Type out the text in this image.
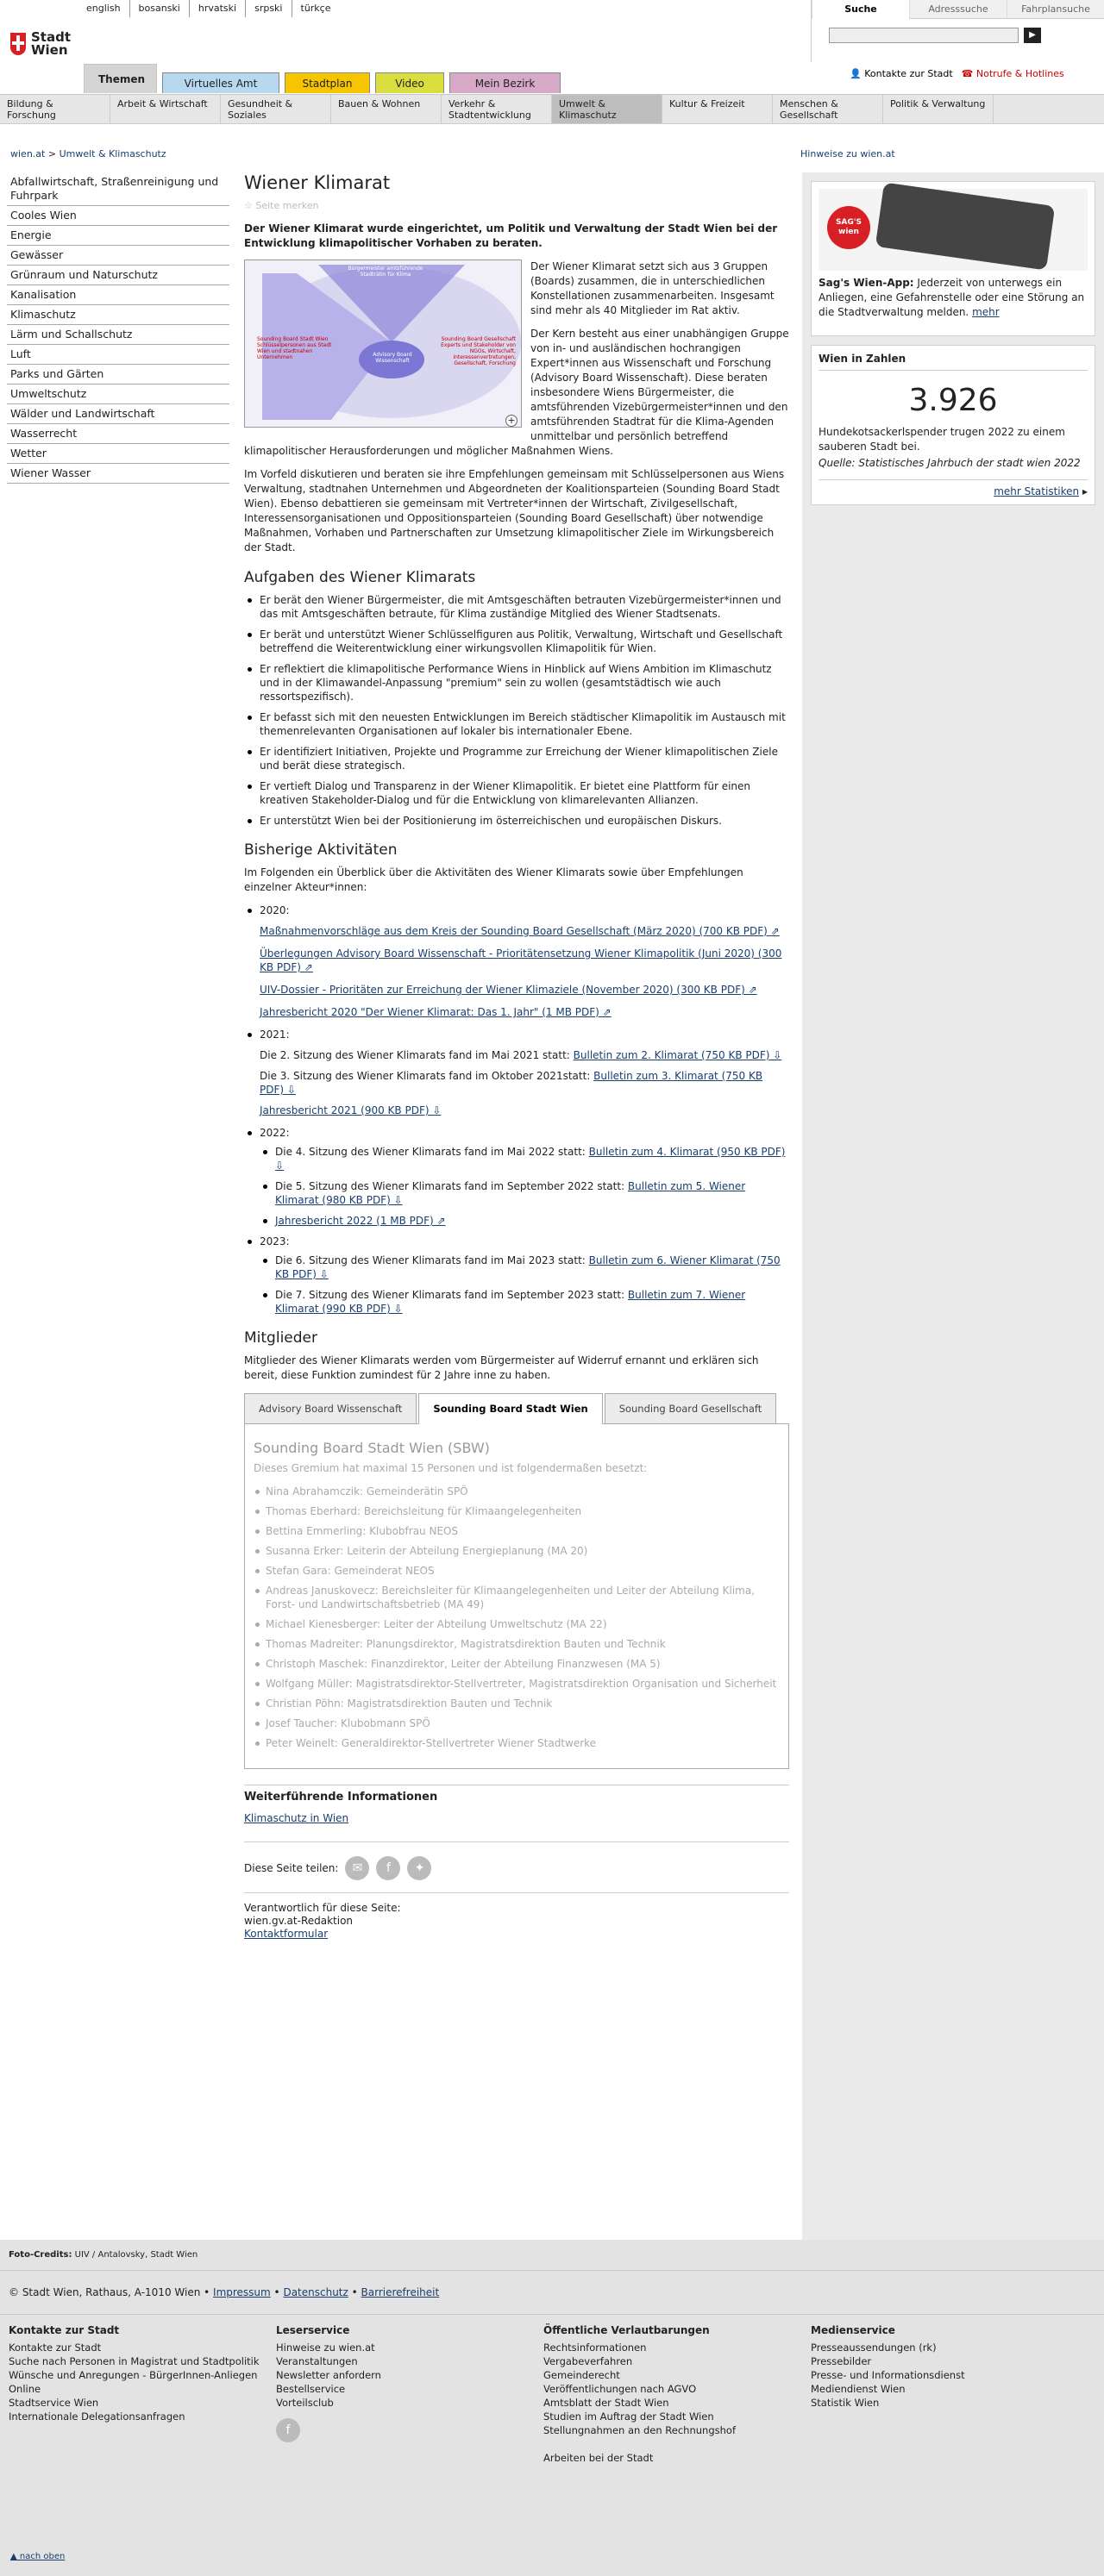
english	bosanski	hrvatski	srpski	türkçe
Stadt
Wien
Themen	Virtuelles Amt	Stadtplan	Video	Mein Bezirk
Suche	Adresssuche	Fahrplansuche
▶
👤 Kontakte zur Stadt ☎ Notrufe & Hotlines
Bildung & Forschung
Arbeit & Wirtschaft	Gesundheit & Soziales
Bauen & Wohnen	Verkehr & Stadtentwicklung
Umwelt & Klimaschutz
Kultur & Freizeit	Menschen & Gesellschaft
Politik & Verwaltung
wien.at > Umwelt & Klimaschutz	Hinweise zu wien.at
Abfallwirtschaft, Straßenreinigung und Fuhrpark
Cooles Wien
Energie
Gewässer
Grünraum und Naturschutz
Kanalisation
Klimaschutz
Lärm und Schallschutz
Luft
Parks und Gärten
Umweltschutz
Wälder und Landwirtschaft
Wasserrecht
Wetter
Wiener Wasser
Wiener Klimarat
☆ Seite merken

Der Wiener Klimarat wurde eingerichtet, um Politik und Verwaltung der Stadt Wien bei der Entwicklung klimapolitischer Vorhaben zu beraten.

Bürgermeister amtsführende Stadträtin für Klima
Sounding Board Stadt Wien
Schlüsselpersonen aus Stadt Wien und stadtnahen Unternehmen	Advisory Board Wissenschaft
Sounding Board Gesellschaft
Experts und Stakeholder von NGOs, Wirtschaft, Interessenvertretungen, Gesellschaft, Forschung
+

Der Wiener Klimarat setzt sich aus 3 Gruppen (Boards) zusammen, die in unterschiedlichen Konstellationen zusammenarbeiten. Insgesamt sind mehr als 40 Mitglieder im Rat aktiv.

Der Kern besteht aus einer unabhängigen Gruppe von in- und ausländischen hochrangigen Expert*innen aus Wissenschaft und Forschung (Advisory Board Wissenschaft). Diese beraten insbesondere Wiens Bürgermeister, die amtsführenden Vizebürgermeister*innen und den amtsführenden Stadtrat für die Klima-Agenden unmittelbar und persönlich betreffend klimapolitischer Herausforderungen und möglicher Maßnahmen Wiens.

Im Vorfeld diskutieren und beraten sie ihre Empfehlungen gemeinsam mit Schlüsselpersonen aus Wiens Verwaltung, stadtnahen Unternehmen und Abgeordneten der Koalitionsparteien (Sounding Board Stadt Wien). Ebenso debattieren sie gemeinsam mit Vertreter*innen der Wirtschaft, Zivilgesellschaft, Interessensorganisationen und Oppositionsparteien (Sounding Board Gesellschaft) über notwendige Maßnahmen, Vorhaben und Partnerschaften zur Umsetzung klimapolitischer Ziele im Wirkungsbereich der Stadt.

Aufgaben des Wiener Klimarats
Er berät den Wiener Bürgermeister, die mit Amtsgeschäften betrauten Vizebürgermeister*innen und das mit Amtsgeschäften betraute, für Klima zuständige Mitglied des Wiener Stadtsenats.
Er berät und unterstützt Wiener Schlüsselfiguren aus Politik, Verwaltung, Wirtschaft und Gesellschaft betreffend die Weiterentwicklung einer wirkungsvollen Klimapolitik für Wien.
Er reflektiert die klimapolitische Performance Wiens in Hinblick auf Wiens Ambition im Klimaschutz und in der Klimawandel-Anpassung "premium" sein zu wollen (gesamtstädtisch wie auch ressortspezifisch).
Er befasst sich mit den neuesten Entwicklungen im Bereich städtischer Klimapolitik im Austausch mit themenrelevanten Organisationen auf lokaler bis internationaler Ebene.
Er identifiziert Initiativen, Projekte und Programme zur Erreichung der Wiener klimapolitischen Ziele und berät diese strategisch.
Er vertieft Dialog und Transparenz in der Wiener Klimapolitik. Er bietet eine Plattform für einen kreativen Stakeholder-Dialog und für die Entwicklung von klimarelevanten Allianzen.
Er unterstützt Wien bei der Positionierung im österreichischen und europäischen Diskurs.
Bisherige Aktivitäten

Im Folgenden ein Überblick über die Aktivitäten des Wiener Klimarats sowie über Empfehlungen einzelner Akteur*innen:

2020:
Maßnahmenvorschläge aus dem Kreis der Sounding Board Gesellschaft (März 2020) (700 KB PDF) ⇗
Überlegungen Advisory Board Wissenschaft - Prioritätensetzung Wiener Klimapolitik (Juni 2020) (300 KB PDF) ⇗
UIV-Dossier - Prioritäten zur Erreichung der Wiener Klimaziele (November 2020) (300 KB PDF) ⇗
Jahresbericht 2020 "Der Wiener Klimarat: Das 1. Jahr" (1 MB PDF) ⇗
2021:
Die 2. Sitzung des Wiener Klimarats fand im Mai 2021 statt: Bulletin zum 2. Klimarat (750 KB PDF) ⇩
Die 3. Sitzung des Wiener Klimarats fand im Oktober 2021statt: Bulletin zum 3. Klimarat (750 KB PDF) ⇩
Jahresbericht 2021 (900 KB PDF) ⇩
2022:
Die 4. Sitzung des Wiener Klimarats fand im Mai 2022 statt: Bulletin zum 4. Klimarat (950 KB PDF) ⇩
Die 5. Sitzung des Wiener Klimarats fand im September 2022 statt: Bulletin zum 5. Wiener Klimarat (980 KB PDF) ⇩
Jahresbericht 2022 (1 MB PDF) ⇗
2023:
Die 6. Sitzung des Wiener Klimarats fand im Mai 2023 statt: Bulletin zum 6. Wiener Klimarat (750 KB PDF) ⇩
Die 7. Sitzung des Wiener Klimarats fand im September 2023 statt: Bulletin zum 7. Wiener Klimarat (990 KB PDF) ⇩
Mitglieder

Mitglieder des Wiener Klimarats werden vom Bürgermeister auf Widerruf ernannt und erklären sich bereit, diese Funktion zumindest für 2 Jahre inne zu haben.

Advisory Board Wissenschaft	Sounding Board Stadt Wien	Sounding Board Gesellschaft
Sounding Board Stadt Wien (SBW)

Dieses Gremium hat maximal 15 Personen und ist folgendermaßen besetzt:

Nina Abrahamczik: Gemeinderätin SPÖ
Thomas Eberhard: Bereichsleitung für Klimaangelegenheiten
Bettina Emmerling: Klubobfrau NEOS
Susanna Erker: Leiterin der Abteilung Energieplanung (MA 20)
Stefan Gara: Gemeinderat NEOS
Andreas Januskovecz: Bereichsleiter für Klimaangelegenheiten und Leiter der Abteilung Klima, Forst- und Landwirtschaftsbetrieb (MA 49)
Michael Kienesberger: Leiter der Abteilung Umweltschutz (MA 22)
Thomas Madreiter: Planungsdirektor, Magistratsdirektion Bauten und Technik
Christoph Maschek: Finanzdirektor, Leiter der Abteilung Finanzwesen (MA 5)
Wolfgang Müller: Magistratsdirektor-Stellvertreter, Magistratsdirektion Organisation und Sicherheit
Christian Pöhn: Magistratsdirektion Bauten und Technik
Josef Taucher: Klubobmann SPÖ
Peter Weinelt: Generaldirektor-Stellvertreter Wiener Stadtwerke
Weiterführende Informationen
Klimaschutz in Wien
Diese Seite teilen:	✉	f	✦
Verantwortlich für diese Seite:
wien.gv.at-Redaktion
Kontaktformular
SAG'S wien

Sag's Wien-App: Jederzeit von unterwegs ein Anliegen, eine Gefahrenstelle oder eine Störung an die Stadtverwaltung melden. mehr

Wien in Zahlen
3.926

Hundekotsackerlspender trugen 2022 zu einem sauberen Stadt bei.

Quelle: Statistisches Jahrbuch der stadt wien 2022

mehr Statistiken ▸
Foto-Credits: UIV / Antalovsky, Stadt Wien
© Stadt Wien, Rathaus, A-1010 Wien • Impressum • Datenschutz • Barrierefreiheit
Kontakte zur Stadt
Kontakte zur Stadt
Suche nach Personen in Magistrat und Stadtpolitik
Wünsche und Anregungen - BürgerInnen-Anliegen Online
Stadtservice Wien
Internationale Delegationsanfragen
Leserservice
Hinweise zu wien.at
Veranstaltungen
Newsletter anfordern
Bestellservice
Vorteilsclub
f
Öffentliche Verlautbarungen
Rechtsinformationen
Vergabeverfahren
Gemeinderecht
Veröffentlichungen nach AGVO
Amtsblatt der Stadt Wien
Studien im Auftrag der Stadt Wien
Stellungnahmen an den Rechnungshof
Arbeiten bei der Stadt
Medienservice
Presseaussendungen (rk)
Pressebilder
Presse- und Informationsdienst
Mediendienst Wien
Statistik Wien
▲ nach oben
